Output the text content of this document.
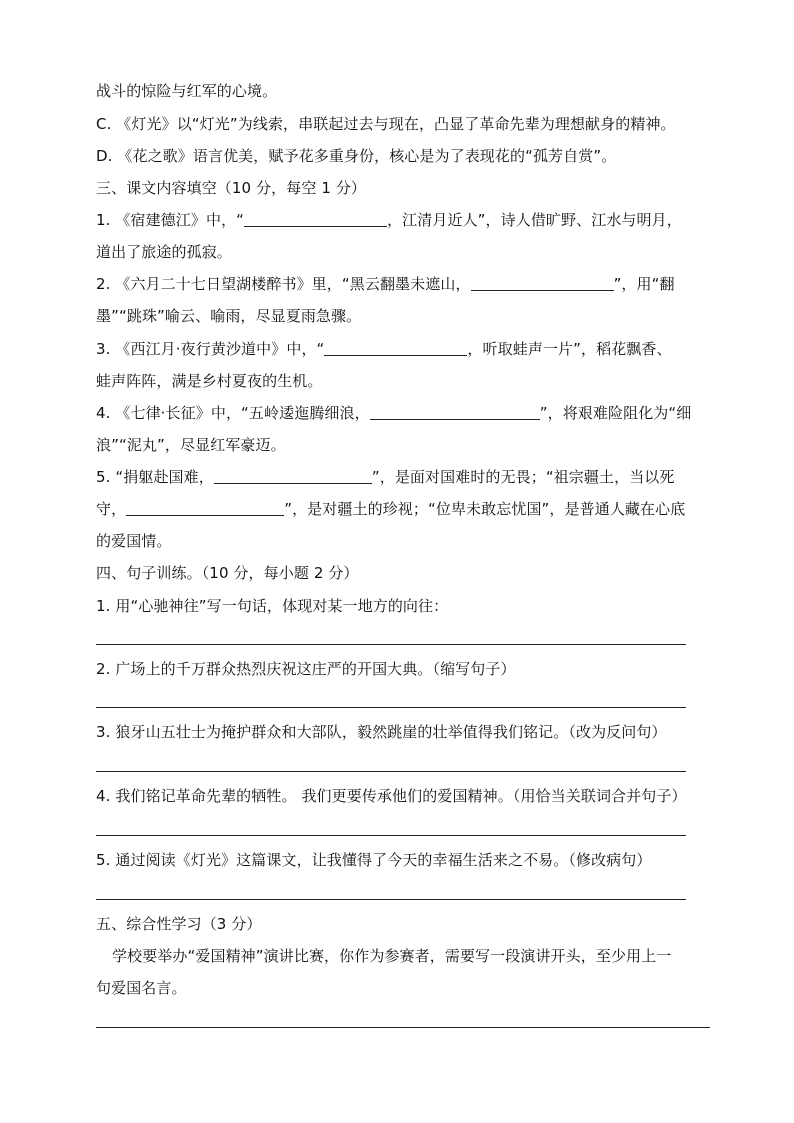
战斗的惊险与红军的心境。
C. 《灯光》以“灯光”为线索，串联起过去与现在，凸显了革命先辈为理想献身的精神。
D. 《花之歌》语言优美，赋予花多重身份，核心是为了表现花的“孤芳自赏”。
三、课文内容填空（10 分，每空 1 分）
1. 《宿建德江》中，“	，江清月近人”，诗人借旷野、江水与明月，
道出了旅途的孤寂。
2. 《六月二十七日望湖楼醉书》里，“黑云翻墨未遮山，	”，用“翻
墨”“跳珠”喻云、喻雨，尽显夏雨急骤。
3. 《西江月·夜行黄沙道中》中，“	，听取蛙声一片”，稻花飘香、
蛙声阵阵，满是乡村夏夜的生机。
4. 《七律·长征》中，“五岭逶迤腾细浪，	”，将艰难险阻化为“细
浪”“泥丸”，尽显红军豪迈。
5. “捐躯赴国难，	”，是面对国难时的无畏；“祖宗疆土，当以死
守，	”，是对疆土的珍视；“位卑未敢忘忧国”，是普通人藏在心底
的爱国情。
四、句子训练。（10 分，每小题 2 分）
1. 用“心驰神往”写一句话，体现对某一地方的向往：
2. 广场上的千万群众热烈庆祝这庄严的开国大典。（缩写句子）
3. 狼牙山五壮士为掩护群众和大部队，毅然跳崖的壮举值得我们铭记。（改为反问句）
4. 我们铭记革命先辈的牺牲。 我们更要传承他们的爱国精神。（用恰当关联词合并句子）
5. 通过阅读《灯光》这篇课文，让我懂得了今天的幸福生活来之不易。（修改病句）
五、综合性学习（3 分）
学校要举办“爱国精神”演讲比赛，你作为参赛者，需要写一段演讲开头，至少用上一
句爱国名言。
